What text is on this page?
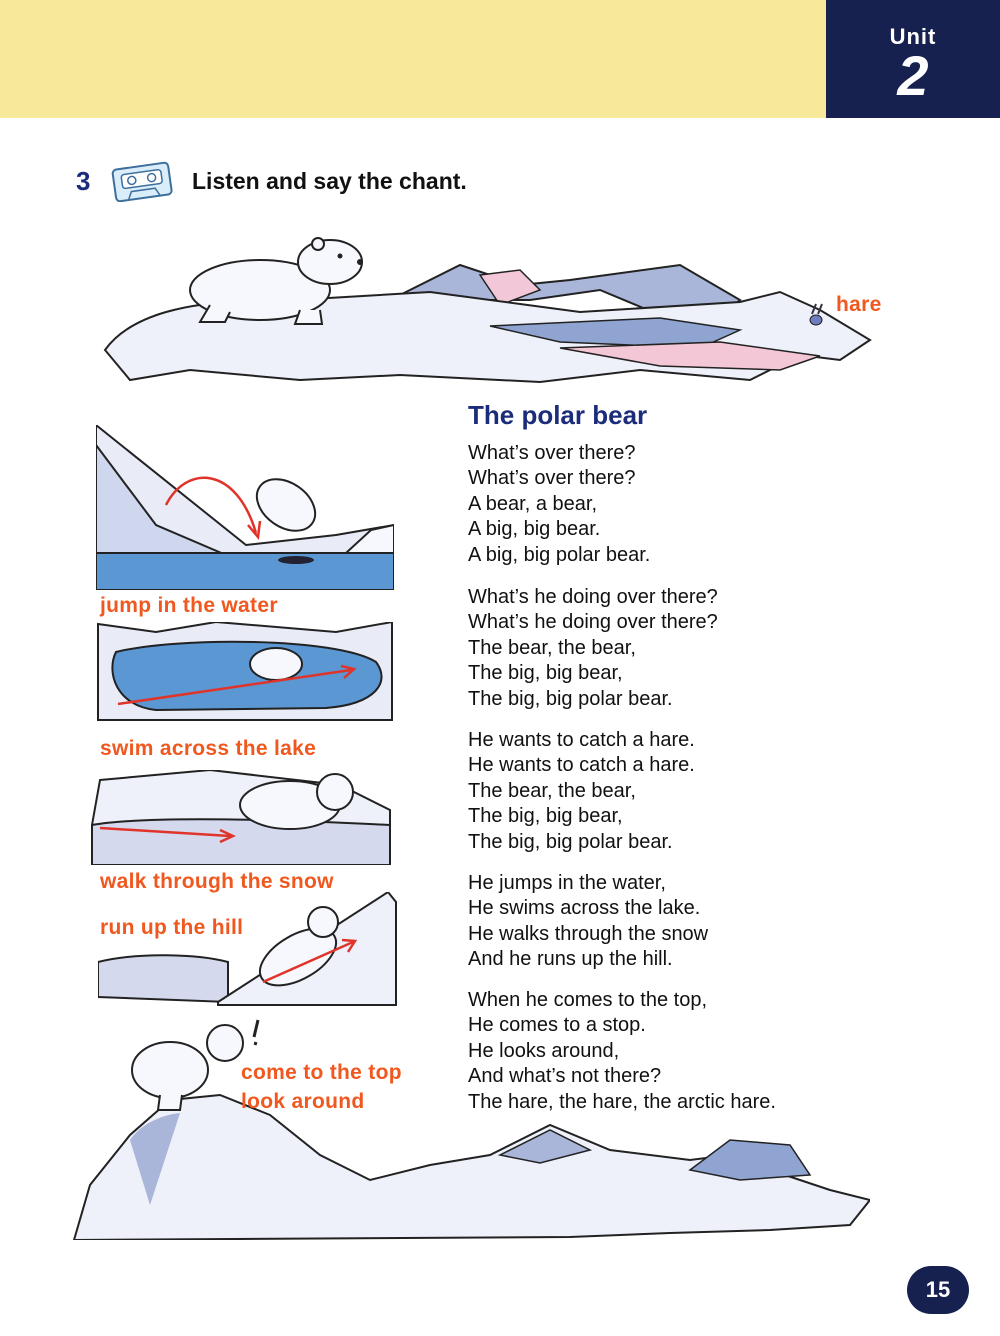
Unit
2
3	Listen and say the chant.
hare
jump in the water
swim across the lake
walk through the snow
run up the hill
come to the top
look around
The polar bear
What’s over there?
What’s over there?
A bear, a bear,
A big, big bear.
A big, big polar bear.
What’s he doing over there?
What’s he doing over there?
The bear, the bear,
The big, big bear,
The big, big polar bear.
He wants to catch a hare.
He wants to catch a hare.
The bear, the bear,
The big, big bear,
The big, big polar bear.
He jumps in the water,
He swims across the lake.
He walks through the snow
And he runs up the hill.
When he comes to the top,
He comes to a stop.
He looks around,
And what’s not there?
The hare, the hare, the arctic hare.
15
